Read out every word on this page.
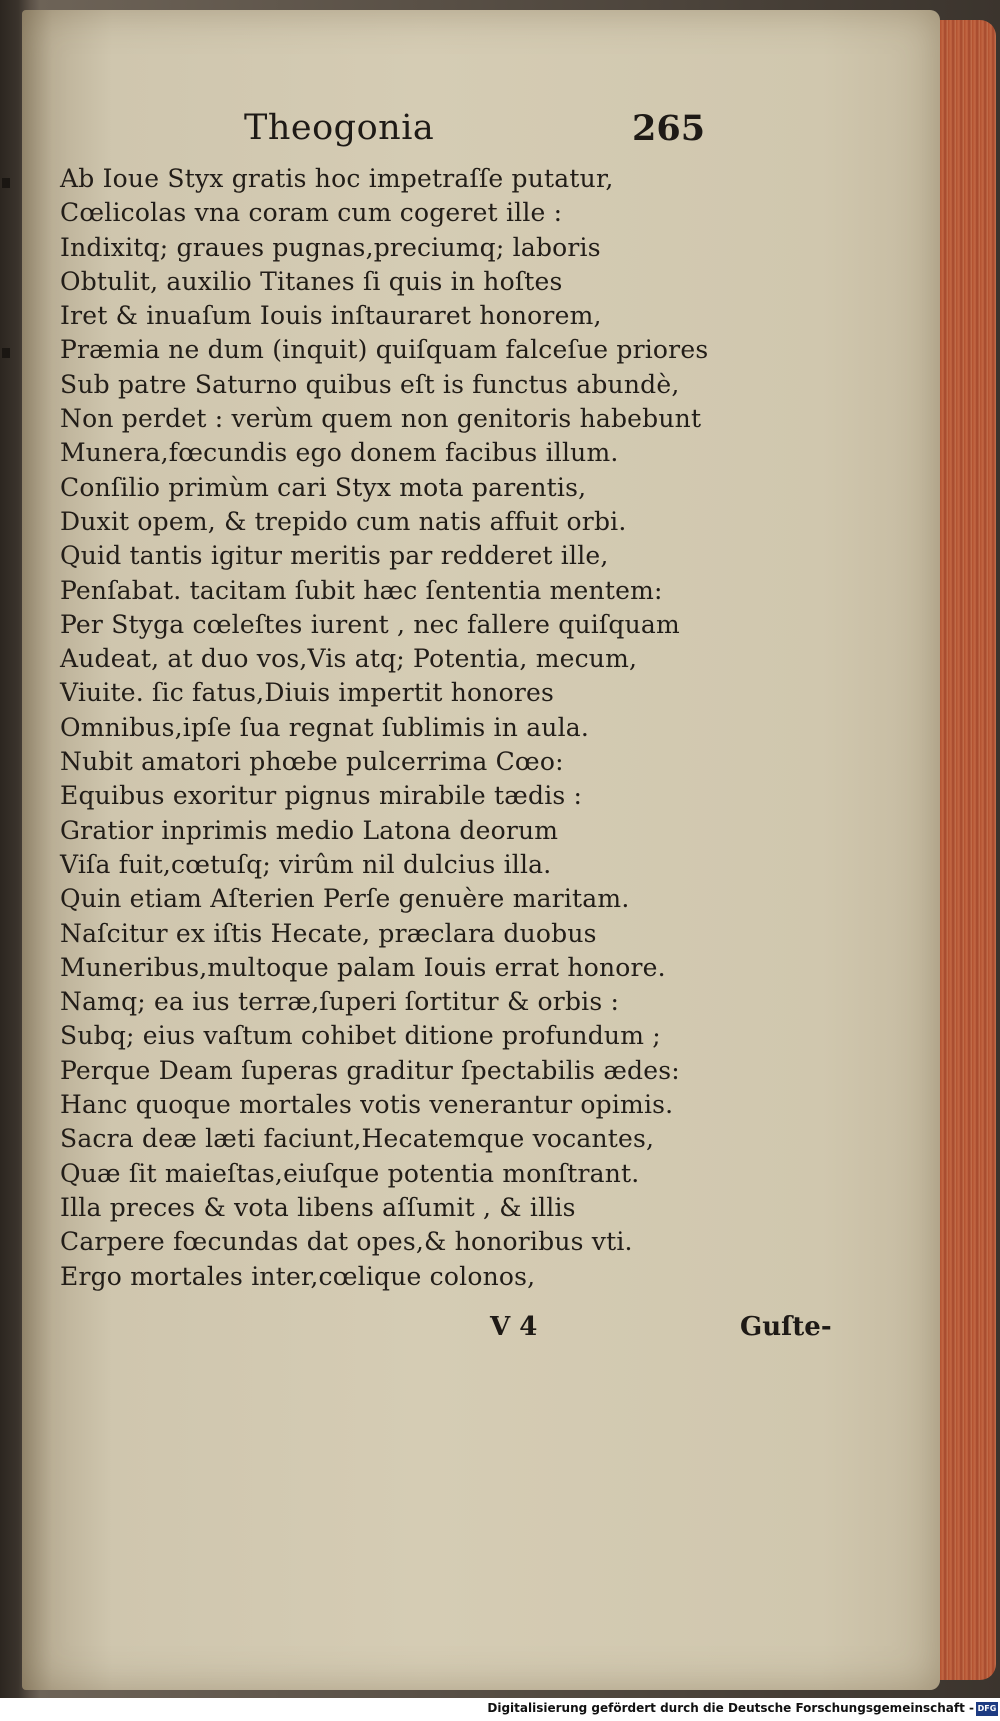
Theogonia	265
Ab Ioue Styx gratis hoc impetraſſe putatur,
Cœlicolas vna coram cum cogeret ille :
Indixitq; graues pugnas,preciumq; laboris
Obtulit, auxilio Titanes ſi quis in hoſtes
Iret & inuaſum Iouis inſtauraret honorem,
Præmia ne dum (inquit) quiſquam falceſue priores
Sub patre Saturno quibus eſt is functus abundè,
Non perdet : verùm quem non genitoris habebunt
Munera,fœcundis ego donem facibus illum.
Conſilio primùm cari Styx mota parentis,
Duxit opem, & trepido cum natis affuit orbi.
Quid tantis igitur meritis par redderet ille,
Penſabat. tacitam ſubit hæc ſententia mentem:
Per Styga cœleſtes iurent , nec fallere quiſquam
Audeat, at duo vos,Vis atq; Potentia, mecum,
Viuite. ſic fatus,Diuis impertit honores
Omnibus,ipſe ſua regnat ſublimis in aula.
Nubit amatori phœbe pulcerrima Cœo:
Equibus exoritur pignus mirabile tædis :
Gratior inprimis medio Latona deorum
Viſa fuit,cœtuſq; virûm nil dulcius illa.
Quin etiam Aſterien Perſe genuère maritam.
Naſcitur ex iſtis Hecate, præclara duobus
Muneribus,multoque palam Iouis errat honore.
Namq; ea ius terræ,ſuperi ſortitur & orbis :
Subq; eius vaſtum cohibet ditione profundum ;
Perque Deam ſuperas graditur ſpectabilis ædes:
Hanc quoque mortales votis venerantur opimis.
Sacra deæ læti faciunt,Hecatemque vocantes,
Quæ ſit maieſtas,eiuſque potentia monſtrant.
Illa preces & vota libens aſſumit , & illis
Carpere fœcundas dat opes,& honoribus vti.
Ergo mortales inter,cœlique colonos,
V 4	Guſte-
Digitalisierung gefördert durch die Deutsche Forschungsgemeinschaft - DFG
